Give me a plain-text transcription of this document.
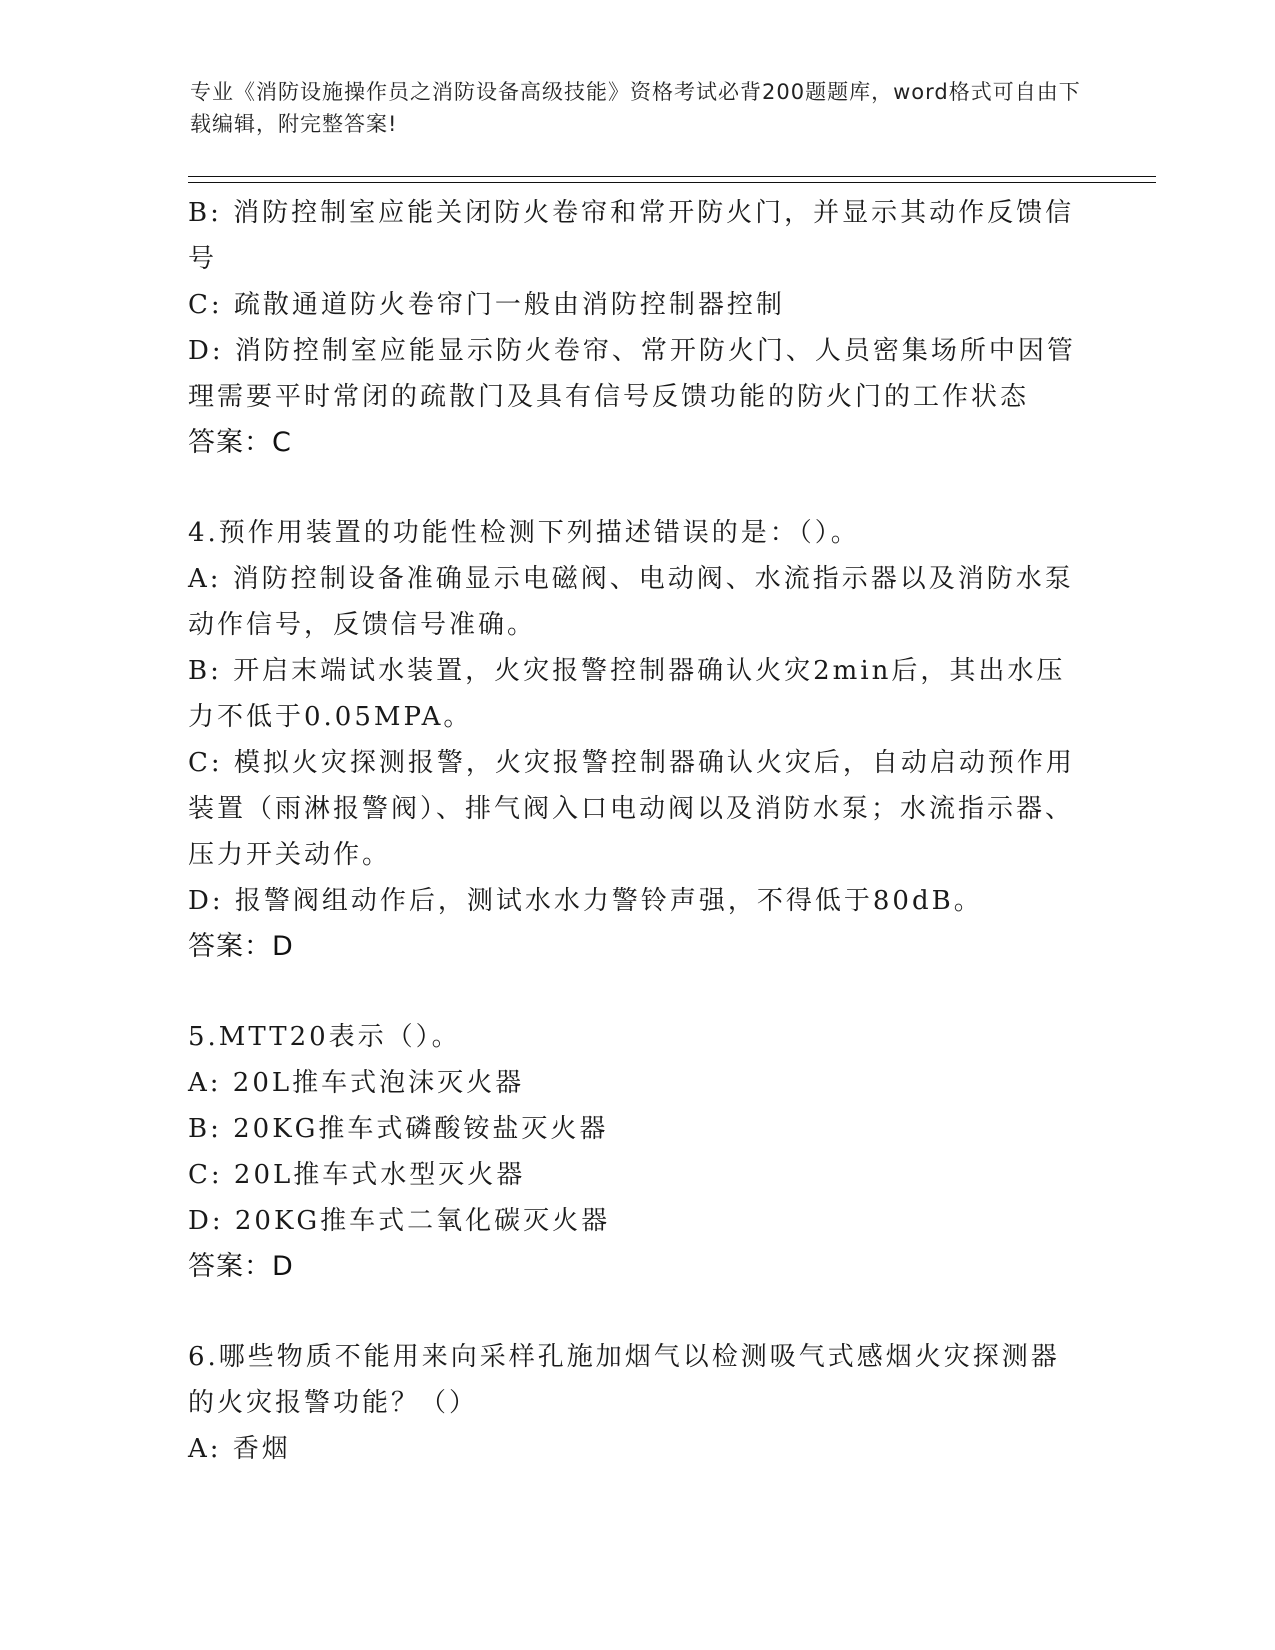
专业《消防设施操作员之消防设备高级技能》资格考试必背200题题库，word格式可自由下载编辑，附完整答案!

B: 消防控制室应能关闭防火卷帘和常开防火门，并显示其动作反馈信号

C: 疏散通道防火卷帘门一般由消防控制器控制

D: 消防控制室应能显示防火卷帘、常开防火门、人员密集场所中因管理需要平时常闭的疏散门及具有信号反馈功能的防火门的工作状态

答案：C

4.预作用装置的功能性检测下列描述错误的是：（）。

A: 消防控制设备准确显示电磁阀、电动阀、水流指示器以及消防水泵动作信号，反馈信号准确。

B: 开启末端试水装置，火灾报警控制器确认火灾2min后，其出水压力不低于0.05MPA。

C: 模拟火灾探测报警，火灾报警控制器确认火灾后，自动启动预作用装置（雨淋报警阀）、排气阀入口电动阀以及消防水泵；水流指示器、压力开关动作。

D: 报警阀组动作后，测试水水力警铃声强，不得低于80dB。

答案：D

5.MTT20表示（）。

A: 20L推车式泡沫灭火器

B: 20KG推车式磷酸铵盐灭火器

C: 20L推车式水型灭火器

D: 20KG推车式二氧化碳灭火器

答案：D

6.哪些物质不能用来向采样孔施加烟气以检测吸气式感烟火灾探测器的火灾报警功能？（）

A: 香烟
